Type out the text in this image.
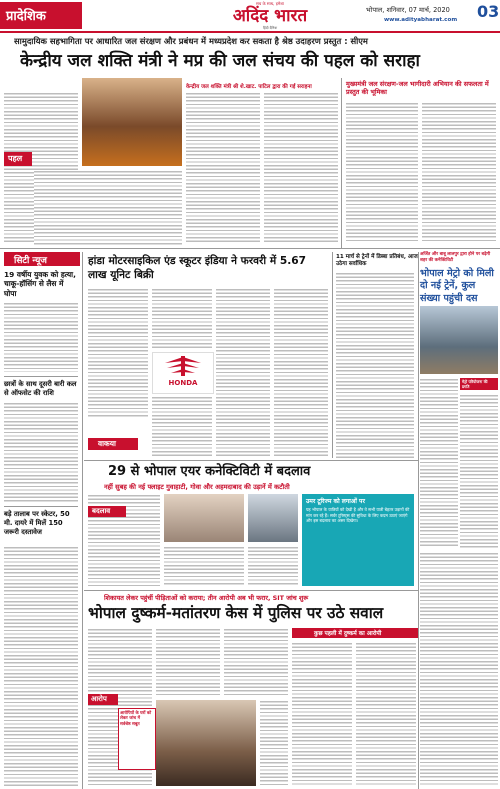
प्रादेशिक
सच के साथ, हमेशा
अदिंद भारत
हिंदी दैनिक
भोपाल, शनिवार, 07 मार्च, 2020
www.adityabharat.com 03
सामुदायिक सहभागिता पर आधारित जल संरक्षण और प्रबंधन में मध्यप्रदेश कर सकता है श्रेष्ठ उदाहरण प्रस्तुत : सीएम
केन्द्रीय जल शक्ति मंत्री ने मप्र की जल संचय की पहल को सराहा
पहल
केन्द्रीय जल शक्ति मंत्री श्री शे.खाट. पाटिल द्वारा की गई सराहना	मुख्यमंत्री जल संरक्षण-जल भागीदारी अभियान की सफलता में प्रस्तुत की भूमिका
सिटी न्यूज
19 वर्षीय युवक को हत्या, चाकू-हॉसिंग से लैस में घोपा
छात्रों के साथ दूसरी बारी कल से ऑफसेट की राशि
बड़े तालाब पर स्केटर, 50 मी. दायरे में मिलें 150 जरूरी दस्तावेज
हांडा मोटरसाइकिल एंड स्कूटर इंडिया ने फरवरी में 5.67 लाख यूनिट बिक्री
HONDA
वाकया
11 मार्च से ट्रेनों में डिब्बा प्रतिबंध, आज उठेगा सर्वाधिक
अर्जित और बाबू लालपुर द्वारा होने पर बढ़ेगी शहर की कनेक्टिविटी
भोपाल मेट्रो को मिली दो नई ट्रेनें, कुल संख्या पहुंची दस
मेट्रो परियोजना की प्रगति
29 से भोपाल एयर कनेक्टिविटी में बदलाव
नहीं सुबह की नई फ्लाइट गुवाहाटी, गोवा और अहमदाबाद की उड़ानें में कटौती
बदलाव
उमर टूरिज्म को लगाओं पर
यह भोपाल के यात्रियों को देखी है और वे सभी यात्री बेहतर उड़ानों की मांग कर रहे हैं। सर्वर टूरिस्ट्स की सुविधा के लिए कदम उठाएं जाएंगे और इस बदलाव का असर दिखेगा।
शिकायत लेकर पहुंचीं पीड़िताओं को कराया; तीन आरोपी अब भी फरार, SIT जांच शुरू
भोपाल दुष्कर्म-मतांतरण केस में पुलिस पर उठे सवाल
आरोप
आरोपियों के घरों को लेकर जांच में सर्वश्रेष्ठ सबूत
कुछ पहली में दुष्कर्म का आरोपी
